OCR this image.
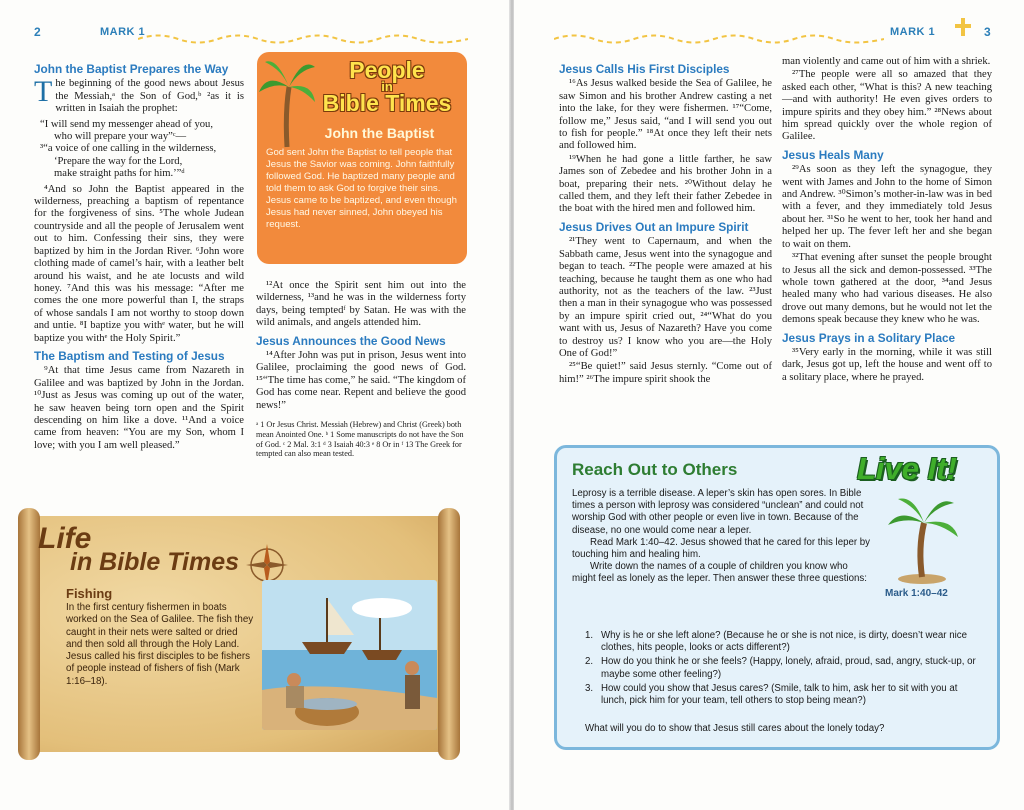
2	MARK 1
John the Baptist Prepares the Way

The beginning of the good news about Jesus the Messiah,ᵃ the Son of God,ᵇ ²as it is written in Isaiah the prophet:

“I will send my messenger ahead of you,
who will prepare your way”ᶜ—
³“a voice of one calling in the wilderness,
‘Prepare the way for the Lord,
make straight paths for him.’”ᵈ

⁴And so John the Baptist appeared in the wilderness, preaching a baptism of repentance for the forgiveness of sins. ⁵The whole Judean countryside and all the people of Jerusalem went out to him. Confessing their sins, they were baptized by him in the Jordan River. ⁶John wore clothing made of camel’s hair, with a leather belt around his waist, and he ate locusts and wild honey. ⁷And this was his message: “After me comes the one more powerful than I, the straps of whose sandals I am not worthy to stoop down and untie. ⁸I baptize you withᵉ water, but he will baptize you withᵉ the Holy Spirit.”

The Baptism and Testing of Jesus

⁹At that time Jesus came from Nazareth in Galilee and was baptized by John in the Jordan. ¹⁰Just as Jesus was coming up out of the water, he saw heaven being torn open and the Spirit descending on him like a dove. ¹¹And a voice came from heaven: “You are my Son, whom I love; with you I am well pleased.”

People
in
Bible Times
John the Baptist
God sent John the Baptist to tell people that Jesus the Savior was coming. John faithfully followed God. He baptized many people and told them to ask God to forgive their sins. Jesus came to be baptized, and even though Jesus had never sinned, John obeyed his request.

¹²At once the Spirit sent him out into the wilderness, ¹³and he was in the wilderness forty days, being temptedᶠ by Satan. He was with the wild animals, and angels attended him.

Jesus Announces the Good News

¹⁴After John was put in prison, Jesus went into Galilee, proclaiming the good news of God. ¹⁵“The time has come,” he said. “The kingdom of God has come near. Repent and believe the good news!”

ᵃ 1 Or Jesus Christ. Messiah (Hebrew) and Christ (Greek) both mean Anointed One. ᵇ 1 Some manuscripts do not have the Son of God. ᶜ 2 Mal. 3:1 ᵈ 3 Isaiah 40:3 ᵉ 8 Or in ᶠ 13 The Greek for tempted can also mean tested.
Life
in Bible Times
Fishing
In the first century fishermen in boats worked on the Sea of Galilee. The fish they caught in their nets were salted or dried and then sold all through the Holy Land. Jesus called his first disciples to be fishers of people instead of fishers of fish (Mark 1:16–18).
MARK 1	3
Jesus Calls His First Disciples

¹⁶As Jesus walked beside the Sea of Galilee, he saw Simon and his brother Andrew casting a net into the lake, for they were fishermen. ¹⁷“Come, follow me,” Jesus said, “and I will send you out to fish for people.” ¹⁸At once they left their nets and followed him.

¹⁹When he had gone a little farther, he saw James son of Zebedee and his brother John in a boat, preparing their nets. ²⁰Without delay he called them, and they left their father Zebedee in the boat with the hired men and followed him.

Jesus Drives Out an Impure Spirit

²¹They went to Capernaum, and when the Sabbath came, Jesus went into the synagogue and began to teach. ²²The people were amazed at his teaching, because he taught them as one who had authority, not as the teachers of the law. ²³Just then a man in their synagogue who was possessed by an impure spirit cried out, ²⁴“What do you want with us, Jesus of Nazareth? Have you come to destroy us? I know who you are—the Holy One of God!”

²⁵“Be quiet!” said Jesus sternly. “Come out of him!” ²⁶The impure spirit shook the

man violently and came out of him with a shriek.

²⁷The people were all so amazed that they asked each other, “What is this? A new teaching—and with authority! He even gives orders to impure spirits and they obey him.” ²⁸News about him spread quickly over the whole region of Galilee.

Jesus Heals Many

²⁹As soon as they left the synagogue, they went with James and John to the home of Simon and Andrew. ³⁰Simon’s mother-in-law was in bed with a fever, and they immediately told Jesus about her. ³¹So he went to her, took her hand and helped her up. The fever left her and she began to wait on them.

³²That evening after sunset the people brought to Jesus all the sick and demon-possessed. ³³The whole town gathered at the door, ³⁴and Jesus healed many who had various diseases. He also drove out many demons, but he would not let the demons speak because they knew who he was.

Jesus Prays in a Solitary Place

³⁵Very early in the morning, while it was still dark, Jesus got up, left the house and went off to a solitary place, where he prayed.

Reach Out to Others

Leprosy is a terrible disease. A leper’s skin has open sores. In Bible times a person with leprosy was considered “unclean” and could not worship God with other people or even live in town. Because of the disease, no one would come near a leper.

Read Mark 1:40–42. Jesus showed that he cared for this leper by touching him and healing him.

Write down the names of a couple of children you know who might feel as lonely as the leper. Then answer these three questions:

1. Why is he or she left alone? (Because he or she is not nice, is dirty, doesn’t wear nice clothes, hits people, looks or acts different?)
2. How do you think he or she feels? (Happy, lonely, afraid, proud, sad, angry, stuck-up, or maybe some other feeling?)
3. How could you show that Jesus cares? (Smile, talk to him, ask her to sit with you at lunch, pick him for your team, tell others to stop being mean?)
What will you do to show that Jesus still cares about the lonely today?
Live It!
Mark 1:40–42
